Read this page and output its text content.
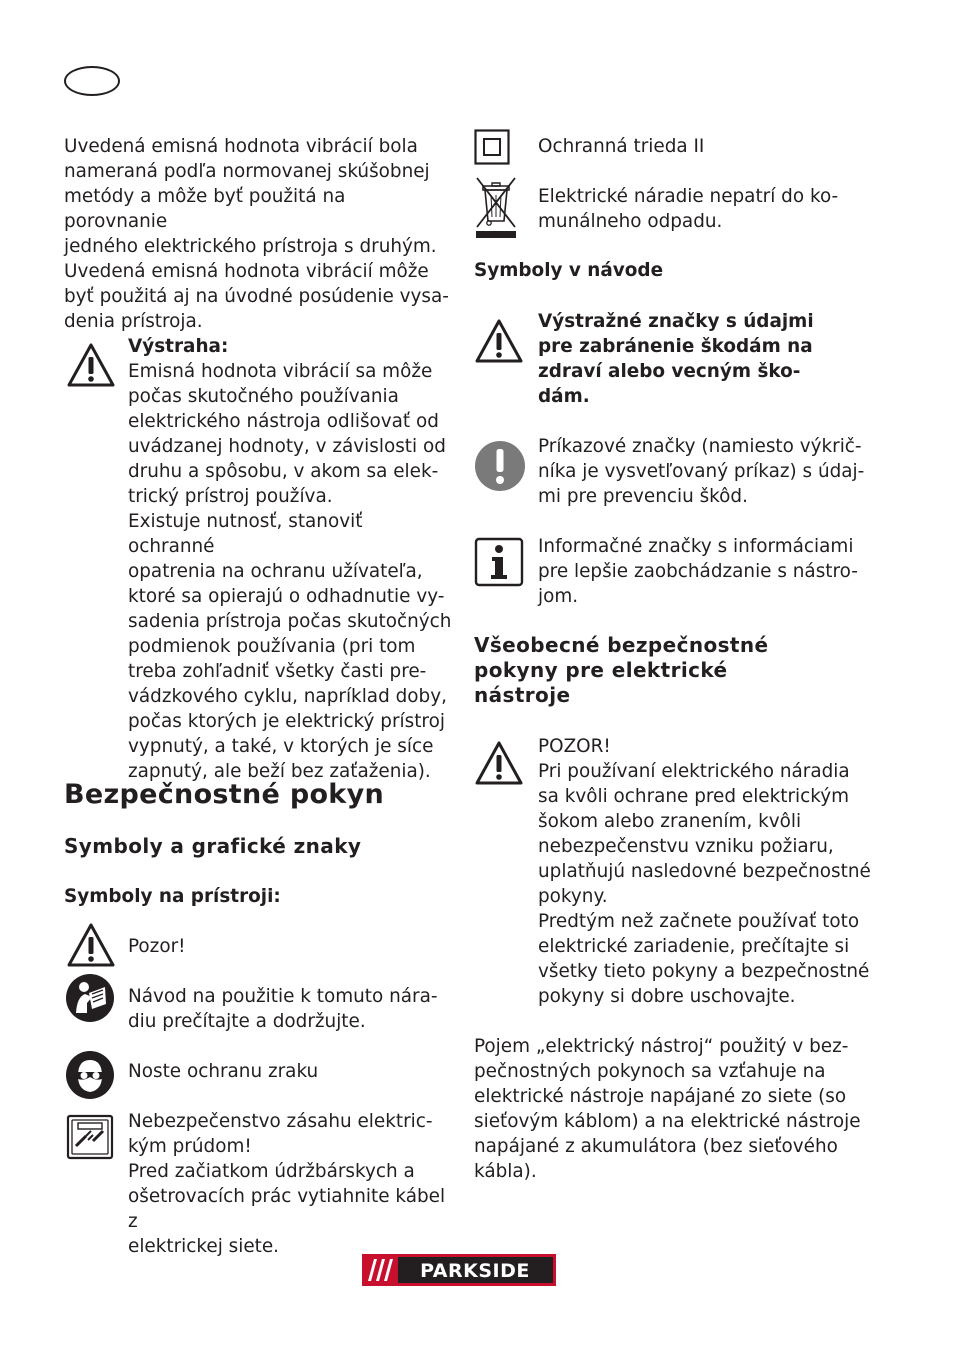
Uvedená emisná hodnota vibrácií bola
nameraná podľa normovanej skúšobnej
metódy a môže byť použitá na porovnanie
jedného elektrického prístroja s druhým.
Uvedená emisná hodnota vibrácií môže
byť použitá aj na úvodné posúdenie vysa-
denia prístroja.

Výstraha:

Emisná hodnota vibrácií sa môže
počas skutočného používania
elektrického nástroja odlišovať od
uvádzanej hodnoty, v závislosti od
druhu a spôsobu, v akom sa elek-
trický prístroj používa.
Existuje nutnosť, stanoviť ochranné
opatrenia na ochranu užívateľa,
ktoré sa opierajú o odhadnutie vy-
sadenia prístroja počas skutočných
podmienok používania (pri tom
treba zohľadniť všetky časti pre-
vádzkového cyklu, napríklad doby,
počas ktorých je elektrický prístroj
vypnutý, a také, v ktorých je síce
zapnutý, ale beží bez zaťaženia).

Bezpečnostné pokyn
Symboly a grafické znaky
Symboly na prístroji:

Pozor!

Návod na použitie k tomuto nára-
diu prečítajte a dodržujte.

Noste ochranu zraku

Nebezpečenstvo zásahu elektric-
kým prúdom!
Pred začiatkom údržbárskych a
ošetrovacích prác vytiahnite kábel z
elektrickej siete.

Ochranná trieda II

Elektrické náradie nepatrí do ko-
munálneho odpadu.

Symboly v návode

Výstražné značky s údajmi
pre zabránenie škodám na
zdraví alebo vecným ško-
dám.

Príkazové značky (namiesto výkrič-
níka je vysvetľovaný príkaz) s údaj-
mi pre prevenciu škôd.

Informačné značky s informáciami
pre lepšie zaobchádzanie s nástro-
jom.

Všeobecné bezpečnostné
pokyny pre elektrické
nástroje

POZOR!
Pri používaní elektrického náradia
sa kvôli ochrane pred elektrickým
šokom alebo zranením, kvôli
nebezpečenstvu vzniku požiaru,
uplatňujú nasledovné bezpečnostné
pokyny.
Predtým než začnete používať toto
elektrické zariadenie, prečítajte si
všetky tieto pokyny a bezpečnostné
pokyny si dobre uschovajte.

Pojem „elektrický nástroj“ použitý v bez-
pečnostných pokynoch sa vzťahuje na
elektrické nástroje napájané zo siete (so
sieťovým káblom) a na elektrické nástroje
napájané z akumulátora (bez sieťového
kábla).

PARKSIDE
